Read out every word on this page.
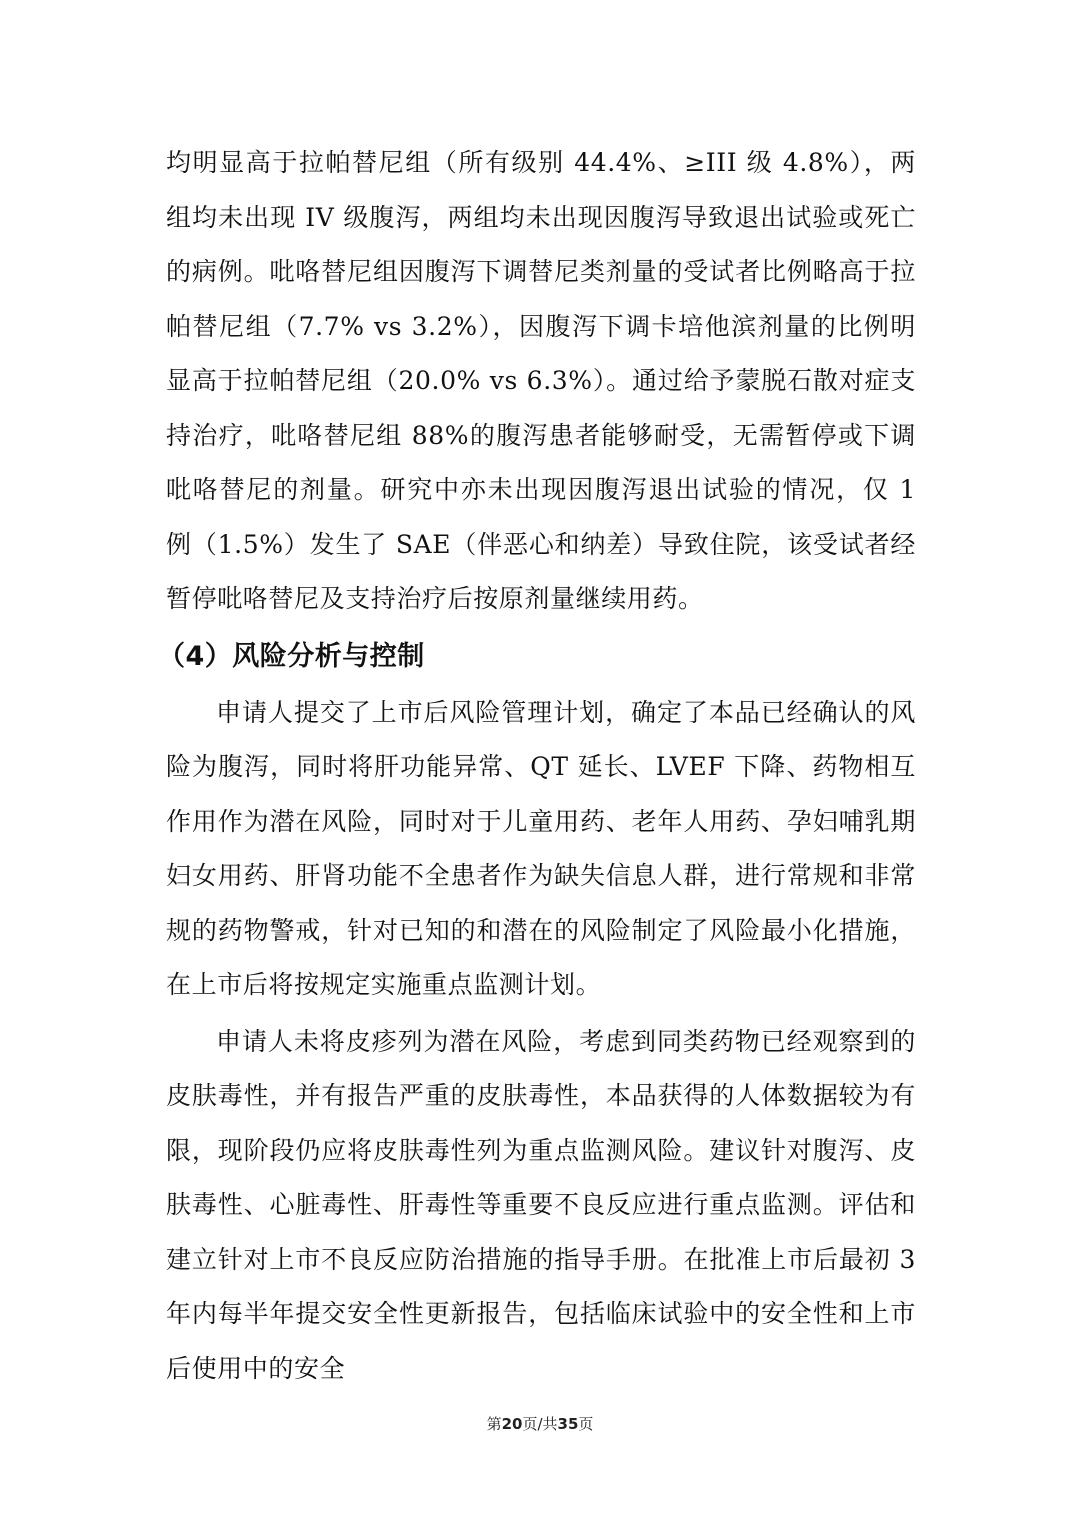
均明显高于拉帕替尼组（所有级别 44.4%、≥III 级 4.8%），两组均未出现 IV 级腹泻，两组均未出现因腹泻导致退出试验或死亡的病例。吡咯替尼组因腹泻下调替尼类剂量的受试者比例略高于拉帕替尼组（7.7% vs 3.2%），因腹泻下调卡培他滨剂量的比例明显高于拉帕替尼组（20.0% vs 6.3%）。通过给予蒙脱石散对症支持治疗，吡咯替尼组 88%的腹泻患者能够耐受，无需暂停或下调吡咯替尼的剂量。研究中亦未出现因腹泻退出试验的情况，仅 1 例（1.5%）发生了 SAE（伴恶心和纳差）导致住院，该受试者经暂停吡咯替尼及支持治疗后按原剂量继续用药。

（4）风险分析与控制

申请人提交了上市后风险管理计划，确定了本品已经确认的风险为腹泻，同时将肝功能异常、QT 延长、LVEF 下降、药物相互作用作为潜在风险，同时对于儿童用药、老年人用药、孕妇哺乳期妇女用药、肝肾功能不全患者作为缺失信息人群，进行常规和非常规的药物警戒，针对已知的和潜在的风险制定了风险最小化措施，在上市后将按规定实施重点监测计划。

申请人未将皮疹列为潜在风险，考虑到同类药物已经观察到的皮肤毒性，并有报告严重的皮肤毒性，本品获得的人体数据较为有限，现阶段仍应将皮肤毒性列为重点监测风险。建议针对腹泻、皮肤毒性、心脏毒性、肝毒性等重要不良反应进行重点监测。评估和建立针对上市不良反应防治措施的指导手册。在批准上市后最初 3 年内每半年提交安全性更新报告，包括临床试验中的安全性和上市后使用中的安全

第20页/共35页
